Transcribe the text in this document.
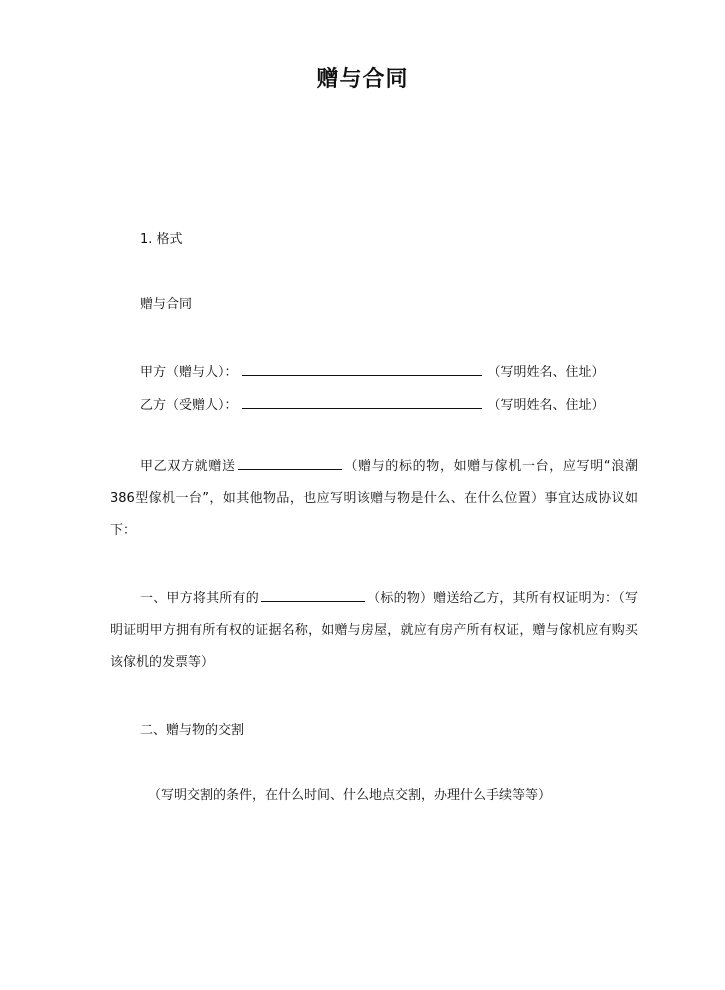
赠与合同
1. 格式
赠与合同
甲方（赠与人）：	（写明姓名、住址）
乙方（受赠人）：	（写明姓名、住址）
甲乙双方就赠送	（赠与的标的物，如赠与傢机一台，应写明“浪潮386型傢机一台”，如其他物品，也应写明该赠与物是什么、在什么位置）事宜达成协议如下：
一、甲方将其所有的	（标的物）赠送给乙方，其所有权证明为：（写明证明甲方拥有所有权的证据名称，如赠与房屋，就应有房产所有权证，赠与傢机应有购买该傢机的发票等）
二、赠与物的交割
（写明交割的条件，在什么时间、什么地点交割，办理什么手续等等）
